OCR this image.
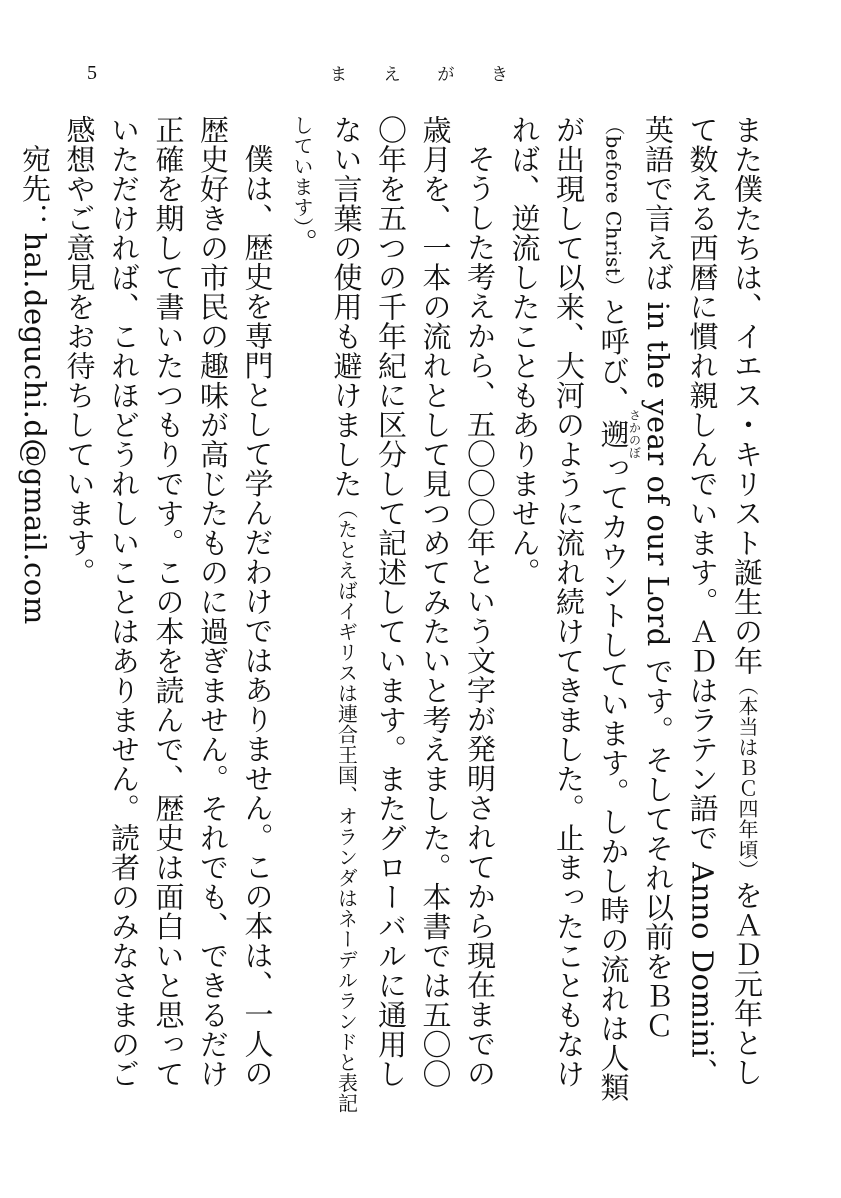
5	ま え が き

また僕たちは、イエス・キリスト誕生の年（本当はＢＣ四年頃）をＡＤ元年として数える西暦に慣れ親しんでいます。ＡＤはラテン語で Anno Domini、英語で言えば in the year of our Lord です。そしてそれ以前をＢＣ（before Christ）と呼び、遡さかのぼってカウントしています。しかし時の流れは人類が出現して以来、大河のように流れ続けてきました。止まったこともなければ、逆流したこともありません。

そうした考えから、五〇〇〇年という文字が発明されてから現在までの歳月を、一本の流れとして見つめてみたいと考えました。本書では五〇〇〇年を五つの千年紀に区分して記述しています。またグローバルに通用しない言葉の使用も避けました（たとえばイギリスは連合王国、オランダはネーデルランドと表記しています）。

僕は、歴史を専門として学んだわけではありません。この本は、一人の歴史好きの市民の趣味が高じたものに過ぎません。それでも、できるだけ正確を期して書いたつもりです。この本を読んで、歴史は面白いと思っていただければ、これほどうれしいことはありません。読者のみなさまのご感想やご意見をお待ちしています。

宛先：hal.deguchi.d@gmail.com
